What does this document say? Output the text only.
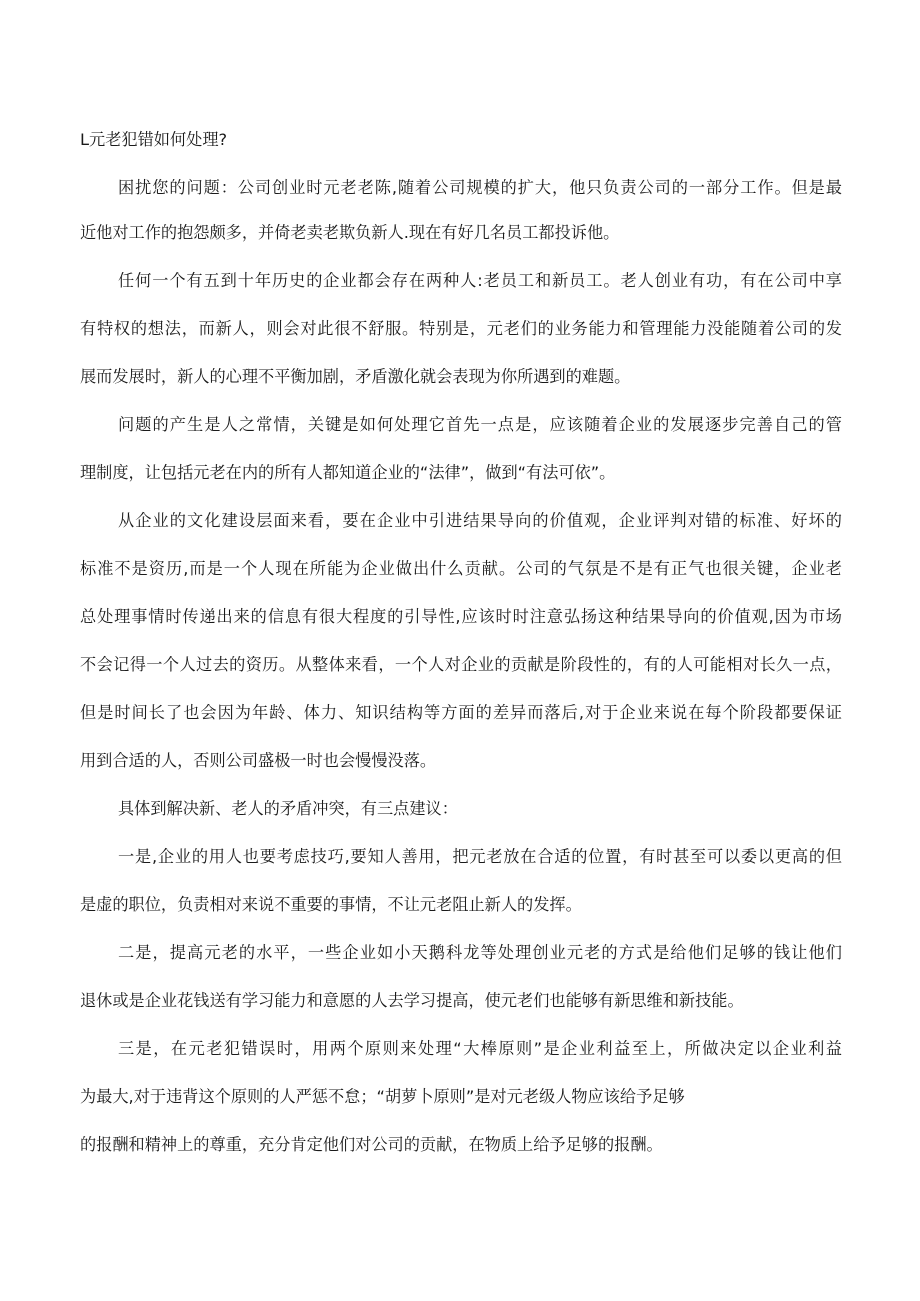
L元老犯错如何处理?
困扰您的问题：公司创业时元老老陈,随着公司规模的扩大，他只负责公司的一部分工作。但是最
近他对工作的抱怨颇多，并倚老卖老欺负新人.现在有好几名员工都投诉他。
任何一个有五到十年历史的企业都会存在两种人:老员工和新员工。老人创业有功，有在公司中享
有特权的想法，而新人，则会对此很不舒服。特别是，元老们的业务能力和管理能力没能随着公司的发
展而发展时，新人的心理不平衡加剧，矛盾激化就会表现为你所遇到的难题。
问题的产生是人之常情，关键是如何处理它首先一点是，应该随着企业的发展逐步完善自己的管
理制度，让包括元老在内的所有人都知道企业的“法律”，做到“有法可依”。
从企业的文化建设层面来看，要在企业中引进结果导向的价值观，企业评判对错的标准、好坏的
标准不是资历,而是一个人现在所能为企业做出什么贡献。公司的气氛是不是有正气也很关键，企业老
总处理事情时传递出来的信息有很大程度的引导性,应该时时注意弘扬这种结果导向的价值观,因为市场
不会记得一个人过去的资历。从整体来看，一个人对企业的贡献是阶段性的，有的人可能相对长久一点，
但是时间长了也会因为年龄、体力、知识结构等方面的差异而落后,对于企业来说在每个阶段都要保证
用到合适的人，否则公司盛极一时也会慢慢没落。
具体到解决新、老人的矛盾冲突，有三点建议：
一是,企业的用人也要考虑技巧,要知人善用，把元老放在合适的位置，有时甚至可以委以更高的但
是虚的职位，负责相对来说不重要的事情，不让元老阻止新人的发挥。
二是，提高元老的水平，一些企业如小天鹅科龙等处理创业元老的方式是给他们足够的钱让他们
退休或是企业花钱送有学习能力和意愿的人去学习提高，使元老们也能够有新思维和新技能。
三是，在元老犯错误时，用两个原则来处理“大棒原则”是企业利益至上，所做决定以企业利益
为最大,对于违背这个原则的人严惩不怠；“胡萝卜原则”是对元老级人物应该给予足够
的报酬和精神上的尊重，充分肯定他们对公司的贡献，在物质上给予足够的报酬。
